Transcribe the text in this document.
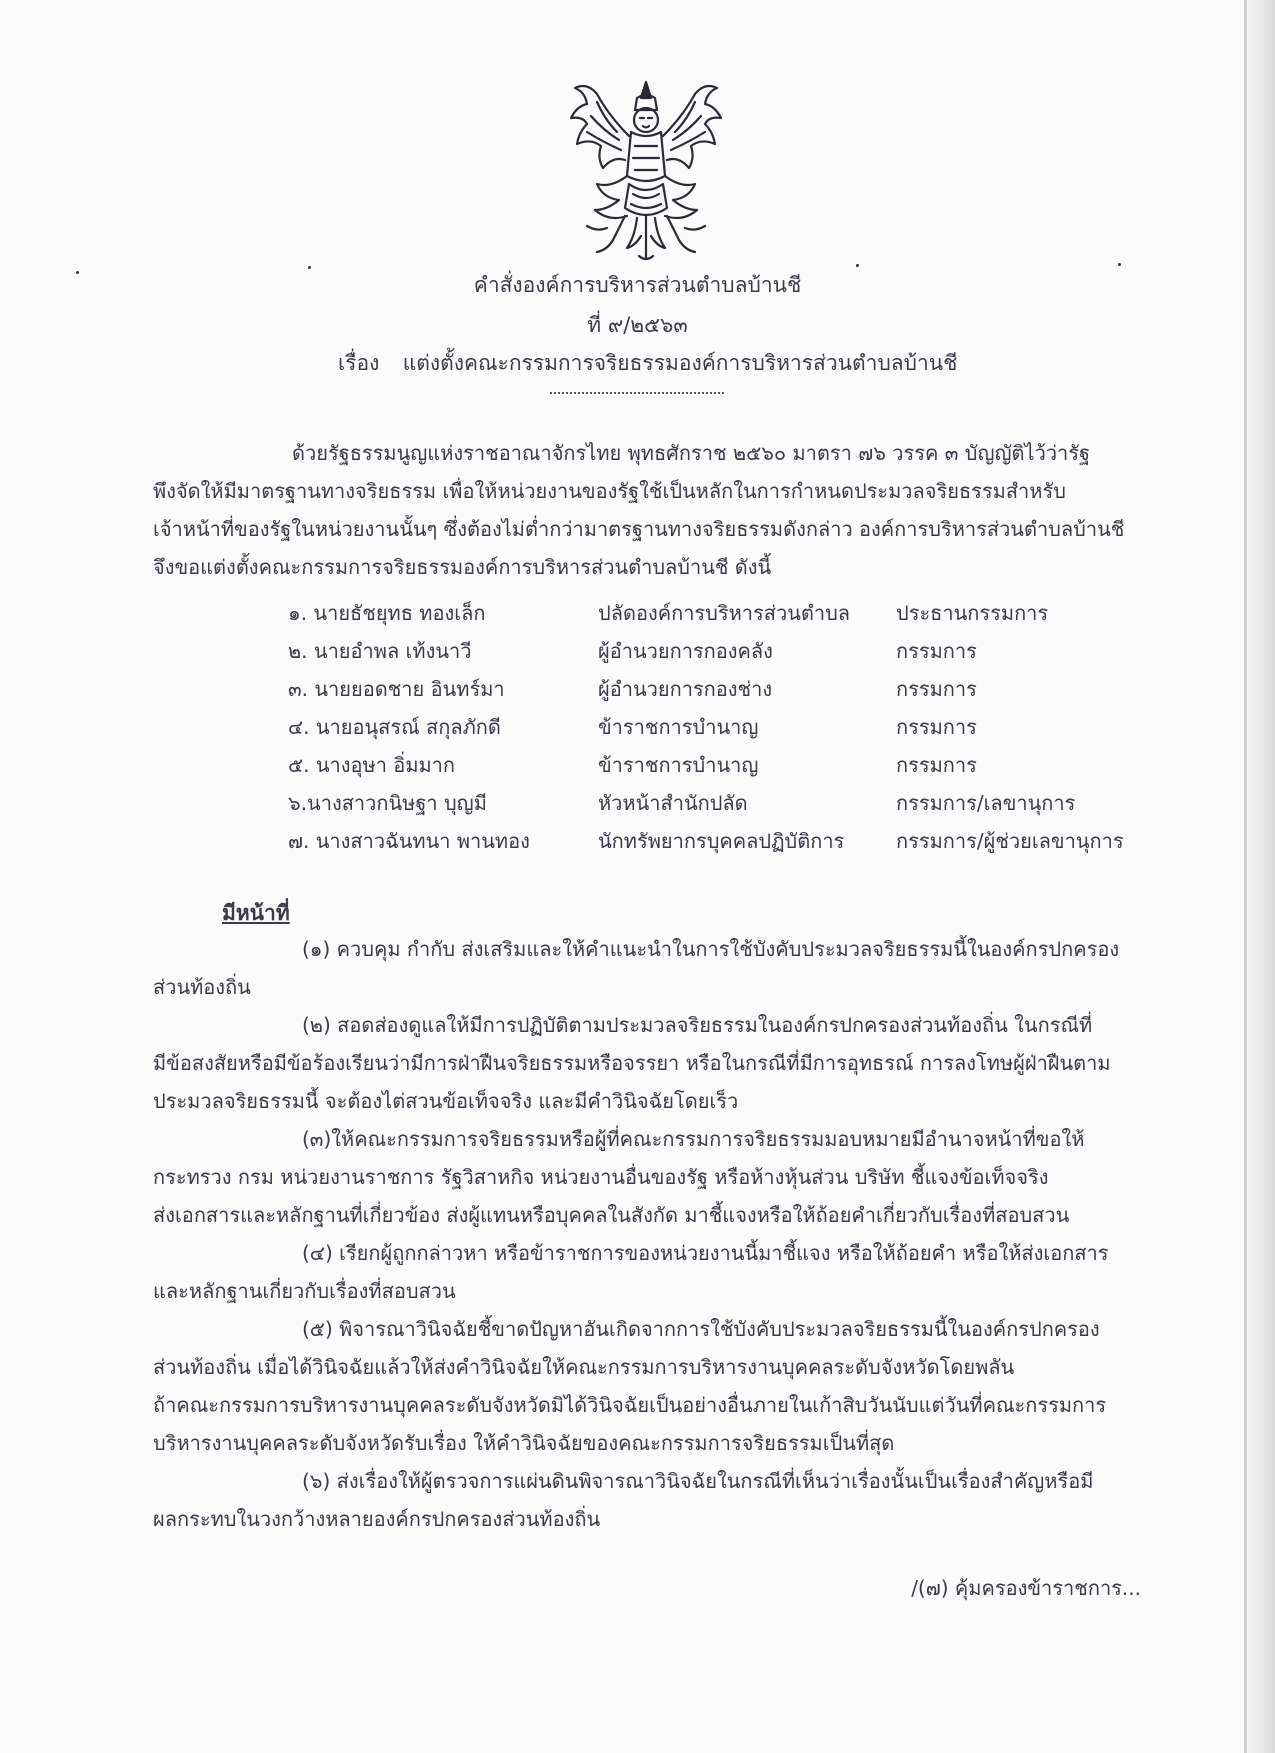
คำสั่งองค์การบริหารส่วนตำบลบ้านชี
ที่ ๙/๒๕๖๓
เรื่อง แต่งตั้งคณะกรรมการจริยธรรมองค์การบริหารส่วนตำบลบ้านชี
ด้วยรัฐธรรมนูญแห่งราชอาณาจักรไทย พุทธศักราช ๒๕๖๐ มาตรา ๗๖ วรรค ๓ บัญญัติไว้ว่ารัฐ
พึงจัดให้มีมาตรฐานทางจริยธรรม เพื่อให้หน่วยงานของรัฐใช้เป็นหลักในการกำหนดประมวลจริยธรรมสำหรับ
เจ้าหน้าที่ของรัฐในหน่วยงานนั้นๆ ซึ่งต้องไม่ต่ำกว่ามาตรฐานทางจริยธรรมดังกล่าว องค์การบริหารส่วนตำบลบ้านชี
จึงขอแต่งตั้งคณะกรรมการจริยธรรมองค์การบริหารส่วนตำบลบ้านชี ดังนี้
๑. นายธัชยุทธ ทองเล็ก	ปลัดองค์การบริหารส่วนตำบล ประธานกรรมการ
๒. นายอำพล เท้งนาวี	ผู้อำนวยการกองคลัง	กรรมการ
๓. นายยอดชาย อินทร์มา	ผู้อำนวยการกองช่าง	กรรมการ
๔. นายอนุสรณ์ สกุลภักดี	ข้าราชการบำนาญ	กรรมการ
๕. นางอุษา อิ่มมาก	ข้าราชการบำนาญ	กรรมการ
๖.นางสาวกนิษฐา บุญมี	หัวหน้าสำนักปลัด	กรรมการ/เลขานุการ
๗. นางสาวฉันทนา พานทอง	นักทรัพยากรบุคคลปฏิบัติการ	กรรมการ/ผู้ช่วยเลขานุการ
มีหน้าที่
(๑) ควบคุม กำกับ ส่งเสริมและให้คำแนะนำในการใช้บังคับประมวลจริยธรรมนี้ในองค์กรปกครอง
ส่วนท้องถิ่น
(๒) สอดส่องดูแลให้มีการปฏิบัติตามประมวลจริยธรรมในองค์กรปกครองส่วนท้องถิ่น ในกรณีที่
มีข้อสงสัยหรือมีข้อร้องเรียนว่ามีการฝ่าฝืนจริยธรรมหรือจรรยา หรือในกรณีที่มีการอุทธรณ์ การลงโทษผู้ฝ่าฝืนตาม
ประมวลจริยธรรมนี้ จะต้องไต่สวนข้อเท็จจริง และมีคำวินิจฉัยโดยเร็ว
(๓)ให้คณะกรรมการจริยธรรมหรือผู้ที่คณะกรรมการจริยธรรมมอบหมายมีอำนาจหน้าที่ขอให้
กระทรวง กรม หน่วยงานราชการ รัฐวิสาหกิจ หน่วยงานอื่นของรัฐ หรือห้างหุ้นส่วน บริษัท ชี้แจงข้อเท็จจริง
ส่งเอกสารและหลักฐานที่เกี่ยวข้อง ส่งผู้แทนหรือบุคคลในสังกัด มาชี้แจงหรือให้ถ้อยคำเกี่ยวกับเรื่องที่สอบสวน
(๔) เรียกผู้ถูกกล่าวหา หรือข้าราชการของหน่วยงานนี้มาชี้แจง หรือให้ถ้อยคำ หรือให้ส่งเอกสาร
และหลักฐานเกี่ยวกับเรื่องที่สอบสวน
(๕) พิจารณาวินิจฉัยชี้ขาดปัญหาอันเกิดจากการใช้บังคับประมวลจริยธรรมนี้ในองค์กรปกครอง
ส่วนท้องถิ่น เมื่อได้วินิจฉัยแล้วให้ส่งคำวินิจฉัยให้คณะกรรมการบริหารงานบุคคลระดับจังหวัดโดยพลัน
ถ้าคณะกรรมการบริหารงานบุคคลระดับจังหวัดมิได้วินิจฉัยเป็นอย่างอื่นภายในเก้าสิบวันนับแต่วันที่คณะกรรมการ
บริหารงานบุคคลระดับจังหวัดรับเรื่อง ให้คำวินิจฉัยของคณะกรรมการจริยธรรมเป็นที่สุด
(๖) ส่งเรื่องให้ผู้ตรวจการแผ่นดินพิจารณาวินิจฉัยในกรณีที่เห็นว่าเรื่องนั้นเป็นเรื่องสำคัญหรือมี
ผลกระทบในวงกว้างหลายองค์กรปกครองส่วนท้องถิ่น
/(๗) คุ้มครองข้าราชการ...
